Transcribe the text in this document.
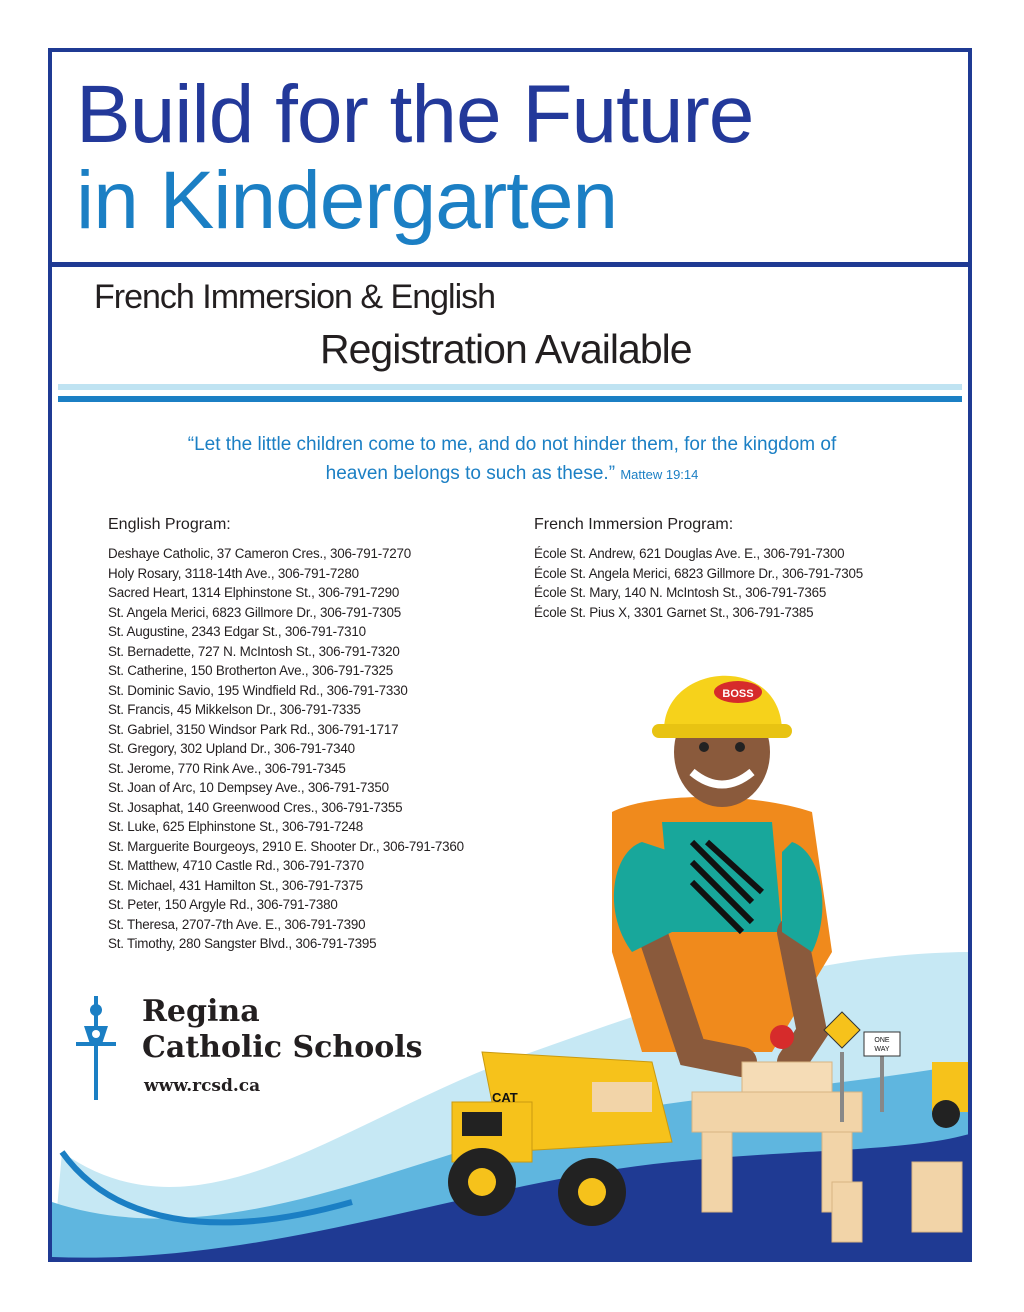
Build for the Future
in Kindergarten
French Immersion & English
Registration Available
“Let the little children come to me, and do not hinder them, for the kingdom of heaven belongs to such as these.” Mattew 19:14
English Program:
Deshaye Catholic, 37 Cameron Cres., 306-791-7270
Holy Rosary, 3118-14th Ave., 306-791-7280
Sacred Heart, 1314 Elphinstone St., 306-791-7290
St. Angela Merici, 6823 Gillmore Dr., 306-791-7305
St. Augustine, 2343 Edgar St., 306-791-7310
St. Bernadette, 727 N. McIntosh St., 306-791-7320
St. Catherine, 150 Brotherton Ave., 306-791-7325
St. Dominic Savio, 195 Windfield Rd., 306-791-7330
St. Francis, 45 Mikkelson Dr., 306-791-7335
St. Gabriel, 3150 Windsor Park Rd., 306-791-1717
St. Gregory, 302 Upland Dr., 306-791-7340
St. Jerome, 770 Rink Ave., 306-791-7345
St. Joan of Arc, 10 Dempsey Ave., 306-791-7350
St. Josaphat, 140 Greenwood Cres., 306-791-7355
St. Luke, 625 Elphinstone St., 306-791-7248
St. Marguerite Bourgeoys, 2910 E. Shooter Dr., 306-791-7360
St. Matthew, 4710 Castle Rd., 306-791-7370
St. Michael, 431 Hamilton St., 306-791-7375
St. Peter, 150 Argyle Rd., 306-791-7380
St. Theresa, 2707-7th Ave. E., 306-791-7390
St. Timothy, 280 Sangster Blvd., 306-791-7395
French Immersion Program:
École St. Andrew, 621 Douglas Ave. E., 306-791-7300
École St. Angela Merici, 6823 Gillmore Dr., 306-791-7305
École St. Mary, 140 N. McIntosh St., 306-791-7365
École St. Pius X, 3301 Garnet St., 306-791-7385
BOSS
ONE
WAY
CAT
Regina
Catholic Schools
www.rcsd.ca
